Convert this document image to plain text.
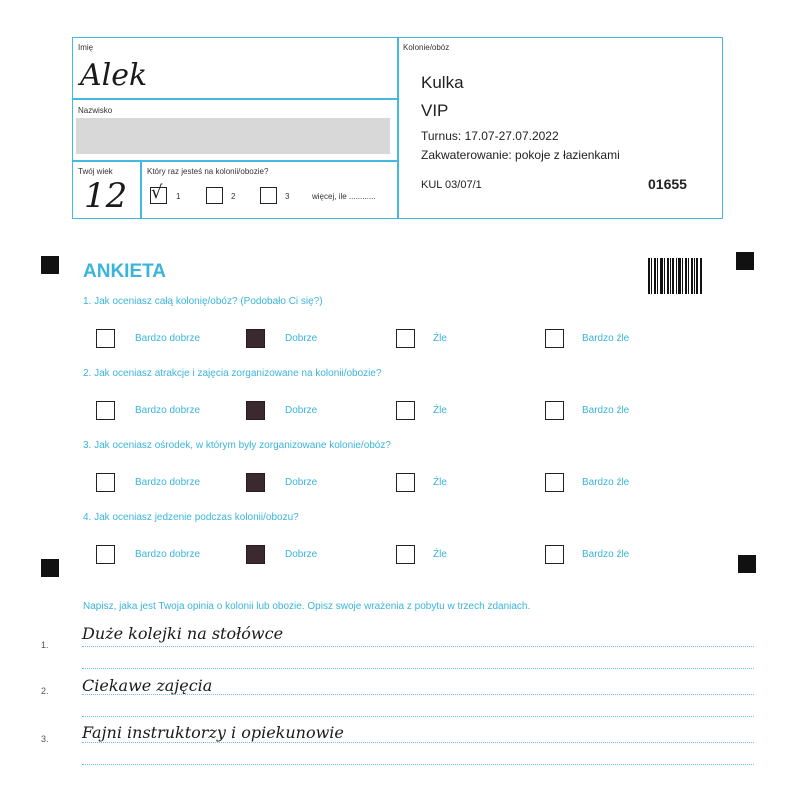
Imię
Alek
Nazwisko
Twój wiek
12
Który raz jesteś na kolonii/obozie?
√ 1	2	3	więcej, ile ............
Kolonie/obóz
Kulka
VIP
Turnus: 17.07-27.07.2022
Zakwaterowanie: pokoje z łazienkami
KUL 03/07/1	01655
ANKIETA
1. Jak oceniasz całą kolonię/obóz? (Podobało Ci się?)
Bardzo dobrze	Dobrze	Źle	Bardzo źle
2. Jak oceniasz atrakcje i zajęcia zorganizowane na kolonii/obozie?
Bardzo dobrze	Dobrze	Źle	Bardzo źle
3. Jak oceniasz ośrodek, w którym były zorganizowane kolonie/obóz?
Bardzo dobrze	Dobrze	Źle	Bardzo źle
4. Jak oceniasz jedzenie podczas kolonii/obozu?
Bardzo dobrze	Dobrze	Źle	Bardzo źle
Napisz, jaka jest Twoja opinia o kolonii lub obozie. Opisz swoje wrażenia z pobytu w trzech zdaniach.
1.
Duże kolejki na stołówce
2. Ciekawe zajęcia
3. Fajni instruktorzy i opiekunowie
